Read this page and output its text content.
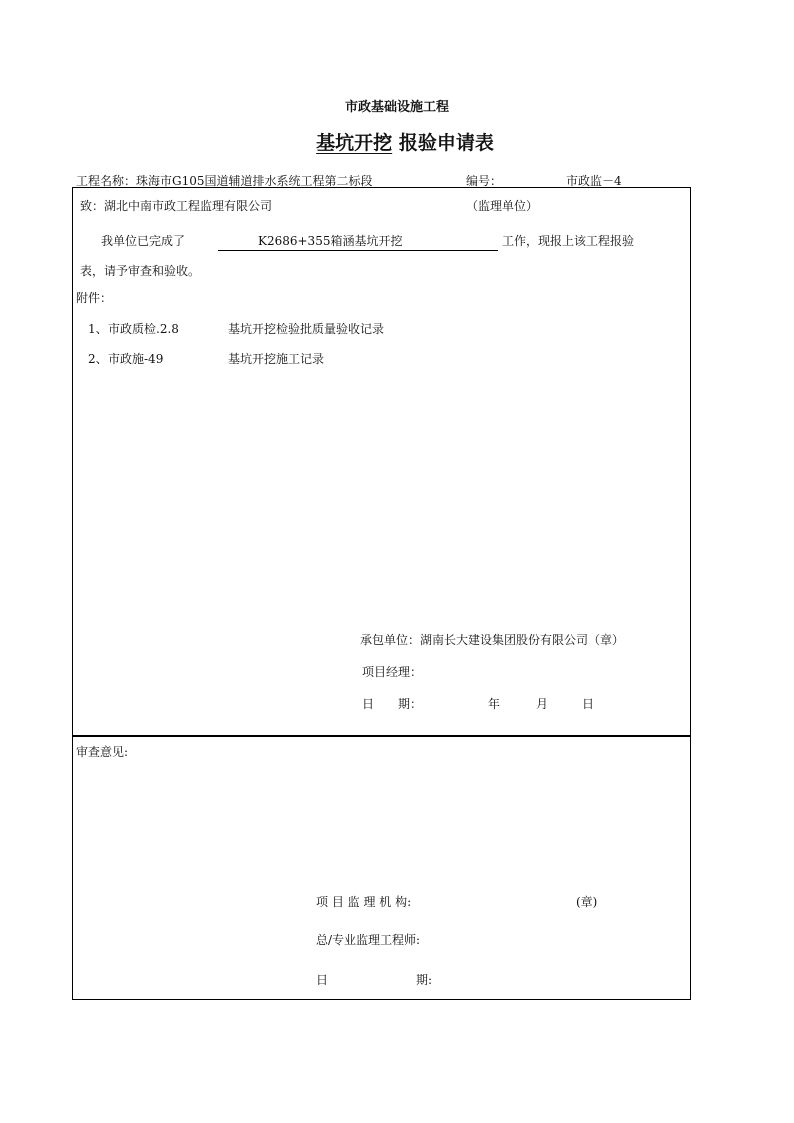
市政基础设施工程
基坑开挖 报验申请表
工程名称：珠海市G105国道辅道排水系统工程第二标段	编号：	市政监－4
致：湖北中南市政工程监理有限公司	（监理单位）
我单位已完成了	K2686+355箱涵基坑开挖	工作，现报上该工程报验
表，请予审查和验收。
附件：
1、 市政质检.2.8	基坑开挖检验批质量验收记录
2、 市政施-49	基坑开挖施工记录
承包单位：湖南长大建设集团股份有限公司（章）
项目经理：
日　　期：	年	月	日
审查意见:
项 目 监 理 机 构:	(章)
总/专业监理工程师:
日	期:
